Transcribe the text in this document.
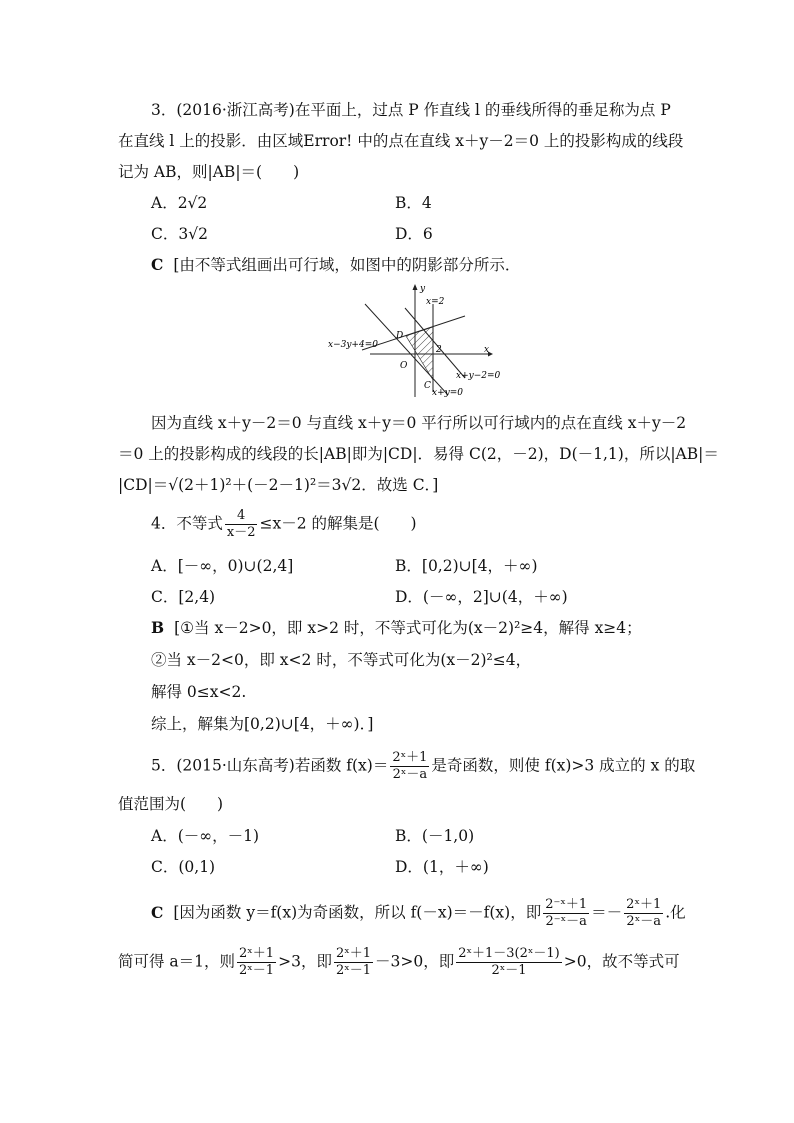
3．(2016·浙江高考)在平面上，过点 P 作直线 l 的垂线所得的垂足称为点 P
在直线 l 上的投影．由区域Error! 中的点在直线 x＋y－2＝0 上的投影构成的线段
记为 AB，则|AB|＝(　　)
A．2√2	B．4
C．3√2	D．6
C [由不等式组画出可行域，如图中的阴影部分所示．
y
x
x=2
x−3y+4=0
D
O
2
C
x+y−2=0
x+y=0
因为直线 x＋y－2＝0 与直线 x＋y＝0 平行所以可行域内的点在直线 x＋y－2
＝0 上的投影构成的线段的长|AB|即为|CD|．易得 C(2，－2)，D(－1,1)，所以|AB|＝
|CD|＝√(2＋1)²＋(－2－1)²＝3√2．故选 C．]
4．不等式 $\frac{4}{x-2} \le x-2$ 的解集是(　　)
A．[－∞，0)∪(2,4]	B．[0,2)∪[4，＋∞)
C．[2,4)	D．(－∞，2]∪(4，＋∞)
B [①当 x－2>0，即 x>2 时，不等式可化为(x－2)²≥4，解得 x≥4；
②当 x－2<0，即 x<2 时，不等式可化为(x－2)²≤4，
解得 0≤x<2.
综上，解集为[0,2)∪[4，＋∞)．]
5．(2015·山东高考)若函数 $f(x)= \frac{\text{2ˣ＋1}}{\text{2ˣ－a}}$ 是奇函数，则使 f(x)>3 成立的 x 的取
值范围为(　　)
A．(－∞，－1)	B．(－1,0)
C．(0,1)	D．(1，＋∞)
C [因为函数 y＝f(x)为奇函数，所以 f(－x)＝－f(x)，即 $\frac{\text{2⁻ˣ＋1}}{\text{2⁻ˣ－a}} =- \frac{\text{2ˣ＋1}}{\text{2ˣ－a}}$ .化
简可得 a＝1，则 $\frac{\text{2ˣ＋1}}{\text{2ˣ－1}} >3$，即 $\frac{\text{2ˣ＋1}}{\text{2ˣ－1}} -3>0$，即 $\frac{\text{2ˣ＋1－3(2ˣ－1)}}{\text{2ˣ－1}} >0$，故不等式可
